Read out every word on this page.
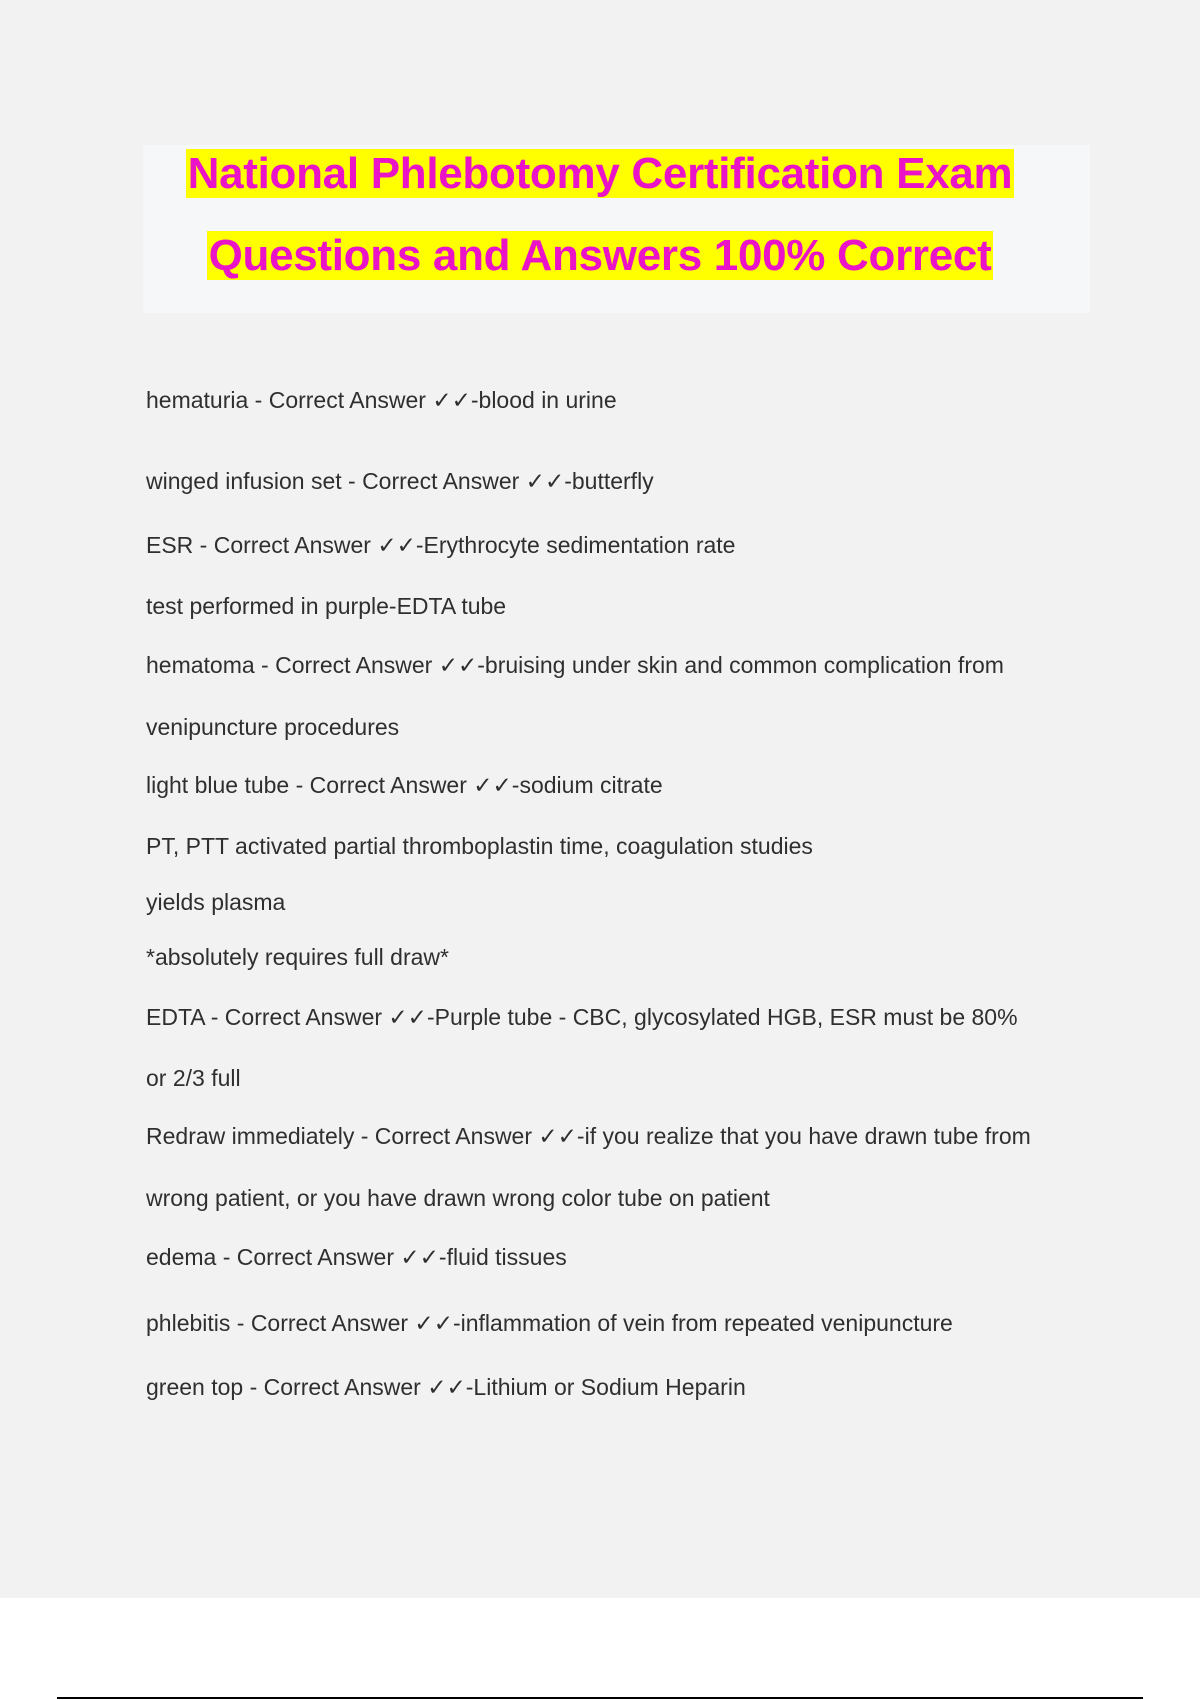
National Phlebotomy Certification Exam
Questions and Answers 100% Correct
hematuria - Correct Answer ✓✓-blood in urine
winged infusion set - Correct Answer ✓✓-butterfly
ESR - Correct Answer ✓✓-Erythrocyte sedimentation rate
test performed in purple-EDTA tube
hematoma - Correct Answer ✓✓-bruising under skin and common complication from
venipuncture procedures
light blue tube - Correct Answer ✓✓-sodium citrate
PT, PTT activated partial thromboplastin time, coagulation studies
yields plasma
*absolutely requires full draw*
EDTA - Correct Answer ✓✓-Purple tube - CBC, glycosylated HGB, ESR must be 80%
or 2/3 full
Redraw immediately - Correct Answer ✓✓-if you realize that you have drawn tube from
wrong patient, or you have drawn wrong color tube on patient
edema - Correct Answer ✓✓-fluid tissues
phlebitis - Correct Answer ✓✓-inflammation of vein from repeated venipuncture
green top - Correct Answer ✓✓-Lithium or Sodium Heparin
